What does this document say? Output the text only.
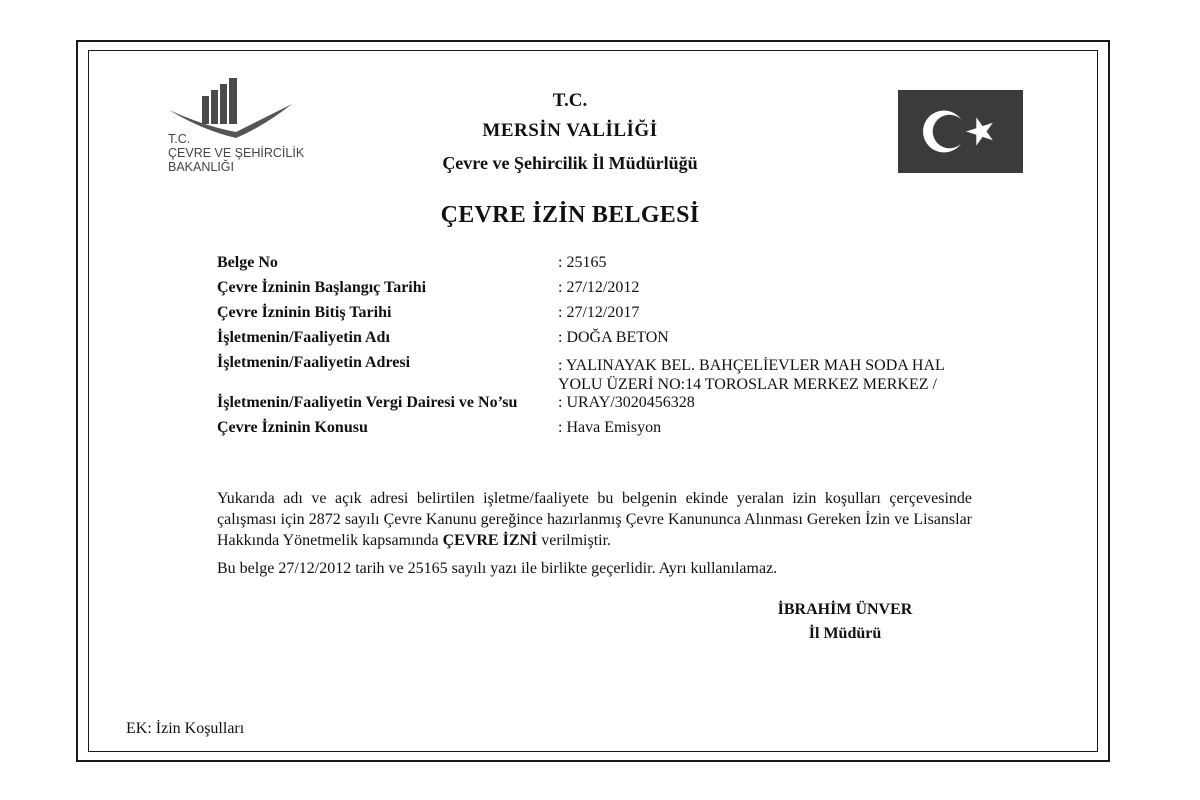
T.C.
ÇEVRE VE ŞEHİRCİLİK
BAKANLIĞI
T.C.
MERSİN VALİLİĞİ
Çevre ve Şehircilik İl Müdürlüğü
ÇEVRE İZİN BELGESİ
Belge No	: 25165
Çevre İzninin Başlangıç Tarihi	: 27/12/2012
Çevre İzninin Bitiş Tarihi	: 27/12/2017
İşletmenin/Faaliyetin Adı	: DOĞA BETON
İşletmenin/Faaliyetin Adresi	: YALINAYAK BEL. BAHÇELİEVLER MAH SODA HAL
YOLU ÜZERİ NO:14 TOROSLAR MERKEZ MERKEZ /
İşletmenin/Faaliyetin Vergi Dairesi ve No’su	: URAY/3020456328
Çevre İzninin Konusu	: Hava Emisyon
Yukarıda adı ve açık adresi belirtilen işletme/faaliyete bu belgenin ekinde yeralan izin koşulları çerçevesinde çalışması için 2872 sayılı Çevre Kanunu gereğince hazırlanmış Çevre Kanununca Alınması Gereken İzin ve Lisanslar Hakkında Yönetmelik kapsamında ÇEVRE İZNİ verilmiştir.
Bu belge 27/12/2012 tarih ve 25165 sayılı yazı ile birlikte geçerlidir. Ayrı kullanılamaz.
İBRAHİM ÜNVER
İl Müdürü
EK: İzin Koşulları
